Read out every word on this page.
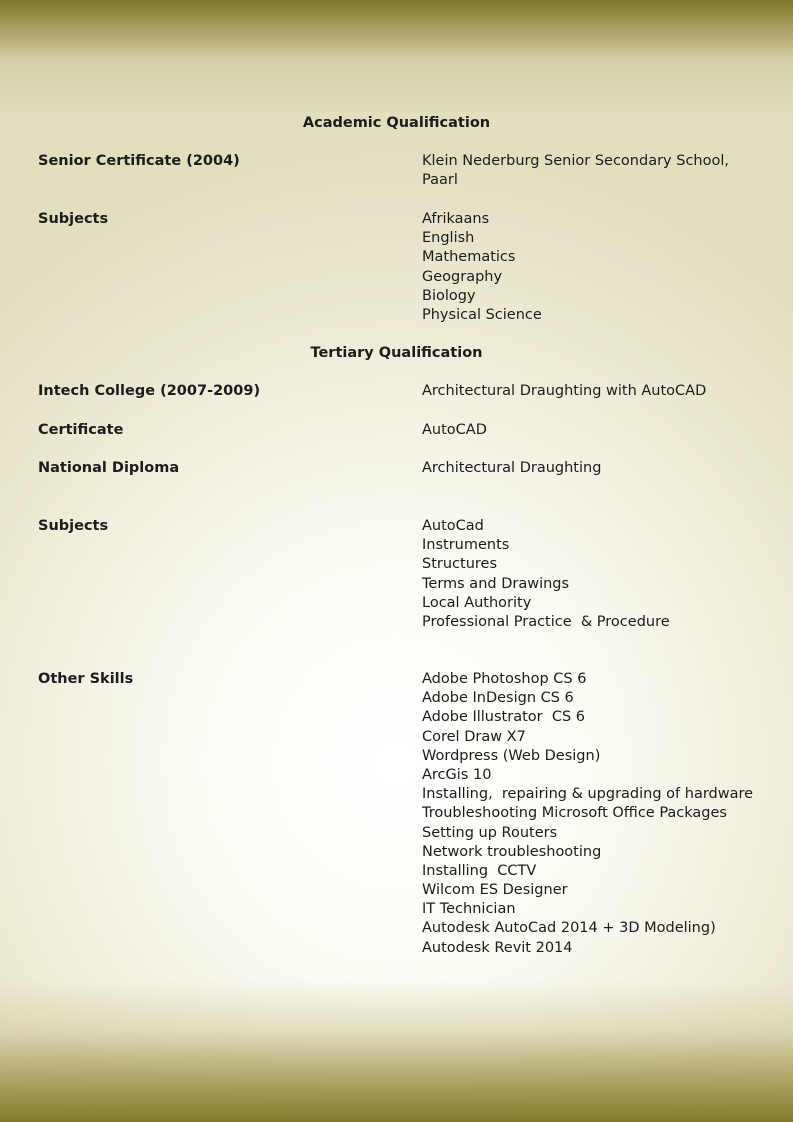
Academic Qualification
Senior Certificate (2004)	Klein Nederburg Senior Secondary School, Paarl
Subjects	Afrikaans
English
Mathematics
Geography
Biology
Physical Science
Tertiary Qualification
Intech College (2007-2009)	Architectural Draughting with AutoCAD
Certificate	AutoCAD
National Diploma	Architectural Draughting
Subjects	AutoCad
Instruments
Structures
Terms and Drawings
Local Authority
Professional Practice  & Procedure
Other Skills	Adobe Photoshop CS 6
Adobe InDesign CS 6
Adobe Illustrator  CS 6
Corel Draw X7
Wordpress (Web Design)
ArcGis 10
Installing,  repairing & upgrading of hardware
Troubleshooting Microsoft Office Packages
Setting up Routers
Network troubleshooting
Installing  CCTV
Wilcom ES Designer
IT Technician
Autodesk AutoCad 2014 + 3D Modeling)
Autodesk Revit 2014
